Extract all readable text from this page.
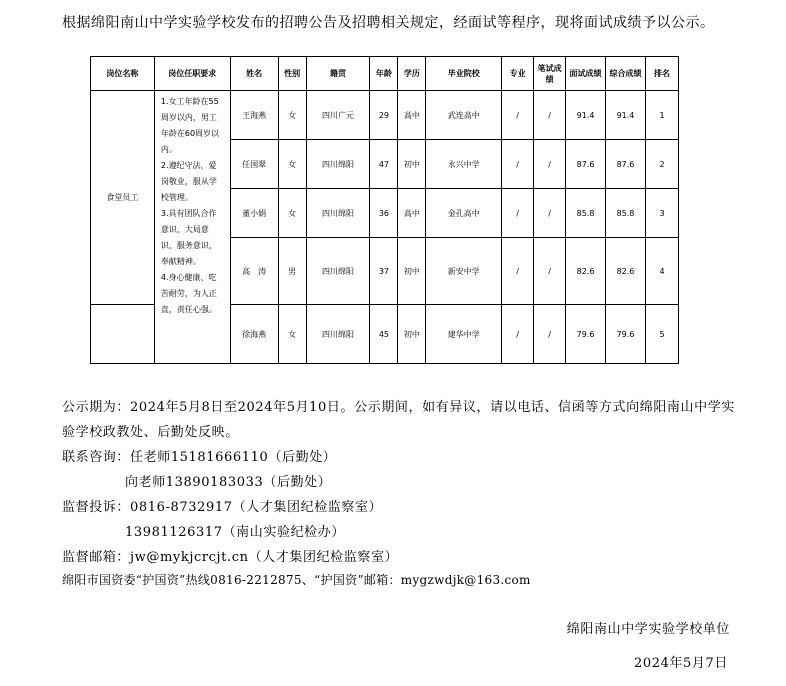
根据绵阳南山中学实验学校发布的招聘公告及招聘相关规定，经面试等程序，现将面试成绩予以公示。
岗位名称	岗位任职要求	姓名	性别	籍贯	年龄	学历	毕业院校	专业	笔试成绩	面试成绩	综合成绩	排名
食堂员工	1.女工年龄在55周岁以内，男工年龄在60周岁以内。

2.遵纪守法，爱岗敬业，服从学校管理。

3.具有团队合作意识、大局意识、服务意识，奉献精神。

4.身心健康、吃苦耐劳，为人正直，责任心强。	王海燕	女	四川广元	29	高中	武连高中	/	/	91.4	91.4	1
		任国翠	女	四川绵阳	47	初中	永兴中学	/	/	87.6	87.6	2
		董小娟	女	四川绵阳	36	高中	金孔高中	/	/	85.8	85.8	3
		高　涛	男	四川绵阳	37	初中	新安中学	/	/	82.6	82.6	4
		徐海燕	女	四川绵阳	45	初中	建华中学	/	/	79.6	79.6	5
公示期为：2024年5月8日至2024年5月10日。公示期间，如有异议，请以电话、信函等方式向绵阳南山中学实
验学校政教处、后勤处反映。
联系咨询：任老师15181666110（后勤处）
向老师13890183033（后勤处）
监督投诉：0816-8732917（人才集团纪检监察室）
13981126317（南山实验纪检办）
监督邮箱：jw@mykjcrcjt.cn（人才集团纪检监察室）
绵阳市国资委“护国资”热线0816-2212875、“护国资”邮箱：mygzwdjk@163.com
绵阳南山中学实验学校单位
2024年5月7日
